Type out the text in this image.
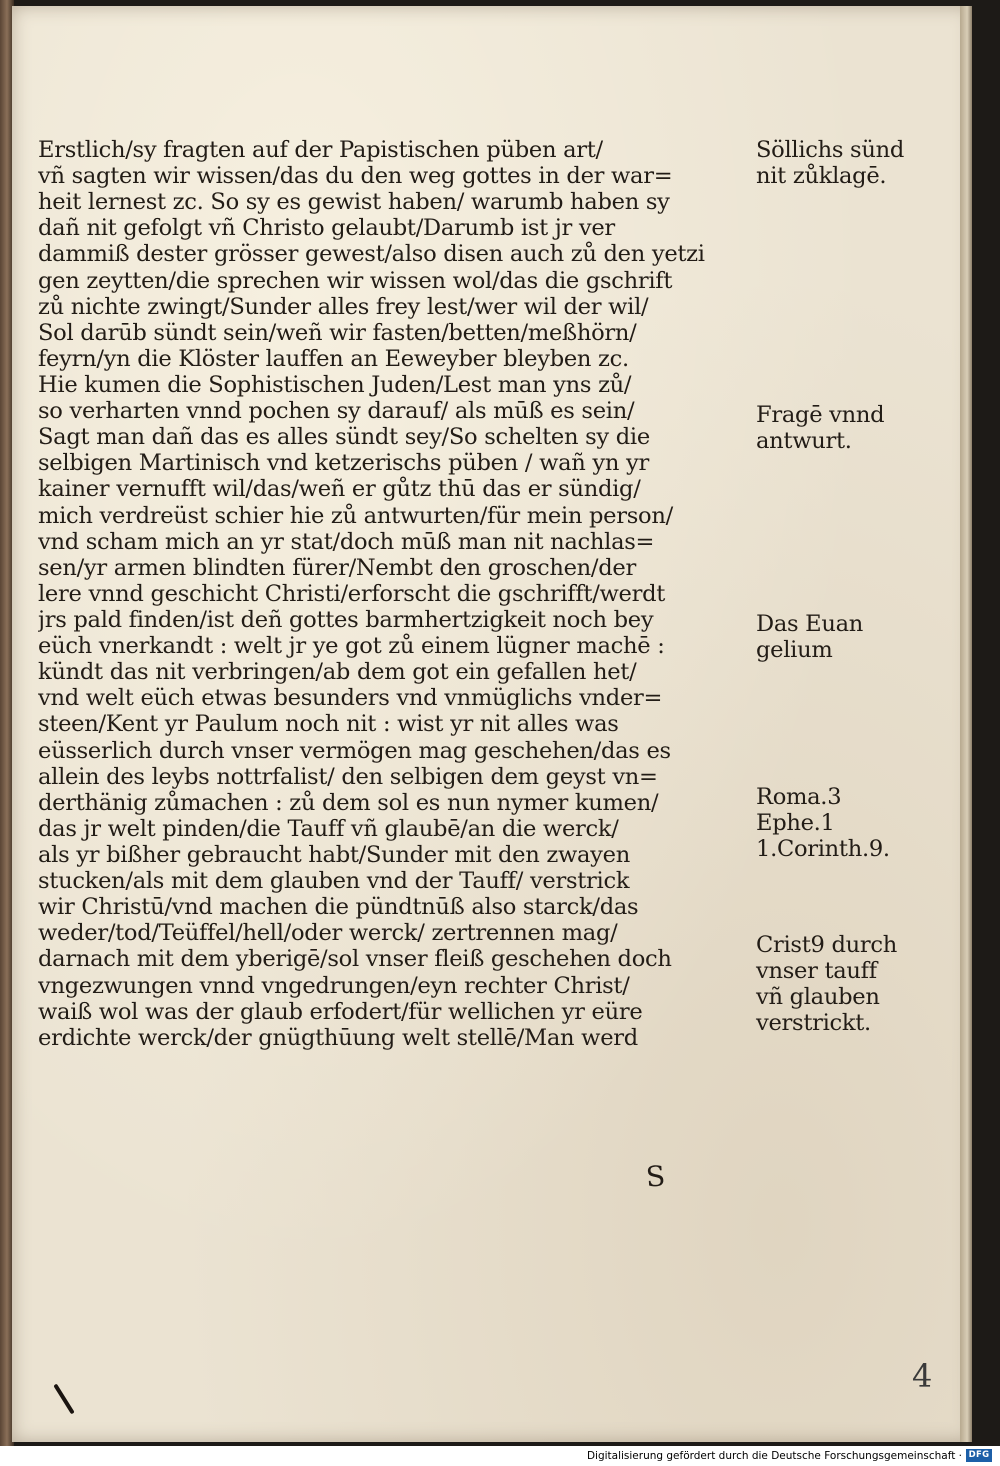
Erstlich/sy fragten auf der Papistischen püben art/
vñ sagten wir wissen/das du den weg gottes in der war=
heit lernest zc. So sy es gewist haben/ warumb haben sy
dañ nit gefolgt vñ Christo gelaubt/Darumb ist jr ver
dammiß dester grösser gewest/also disen auch zů den yetzi
gen zeytten/die sprechen wir wissen wol/das die gschrift
zů nichte zwingt/Sunder alles frey lest/wer wil der wil/
Sol darūb sündt sein/weñ wir fasten/betten/meßhörn/
feyrn/yn die Klöster lauffen an Eeweyber bleyben zc.
Hie kumen die Sophistischen Juden/Lest man yns zů/
so verharten vnnd pochen sy darauf/ als mūß es sein/
Sagt man dañ das es alles sündt sey/So schelten sy die
selbigen Martinisch vnd ketzerischs püben / wañ yn yr
kainer vernufft wil/das/weñ er gůtz thū das er sündig/
mich verdreüst schier hie zů antwurten/für mein person/
vnd scham mich an yr stat/doch mūß man nit nachlas=
sen/yr armen blindten fürer/Nembt den groschen/der
lere vnnd geschicht Christi/erforscht die gschrifft/werdt
jrs pald finden/ist deñ gottes barmhertzigkeit noch bey
eüch vnerkandt : welt jr ye got zů einem lügner machē :
kündt das nit verbringen/ab dem got ein gefallen het/
vnd welt eüch etwas besunders vnd vnmüglichs vnder=
steen/Kent yr Paulum noch nit : wist yr nit alles was
eüsserlich durch vnser vermögen mag geschehen/das es
allein des leybs nottrfalist/ den selbigen dem geyst vn=
derthänig zůmachen : zů dem sol es nun nymer kumen/
das jr welt pinden/die Tauff vñ glaubē/an die werck/
als yr bißher gebraucht habt/Sunder mit den zwayen
stucken/als mit dem glauben vnd der Tauff/ verstrick
wir Christū/vnd machen die pündtnūß also starck/das
weder/tod/Teüffel/hell/oder werck/ zertrennen mag/
darnach mit dem yberigē/sol vnser fleiß geschehen doch
vngezwungen vnnd vngedrungen/eyn rechter Christ/
waiß wol was der glaub erfodert/für wellichen yr eüre
erdichte werck/der gnügthūung welt stellē/Man werd
Söllichs sünd
nit zůklagē.
Fragē vnnd
antwurt.
Das Euan
gelium
Roma.3
Ephe.1
1.Corinth.9.
Crist9 durch
vnser tauff
vñ glauben
verstrickt.
S
4
Digitalisierung gefördert durch die Deutsche Forschungsgemeinschaft · DFG
